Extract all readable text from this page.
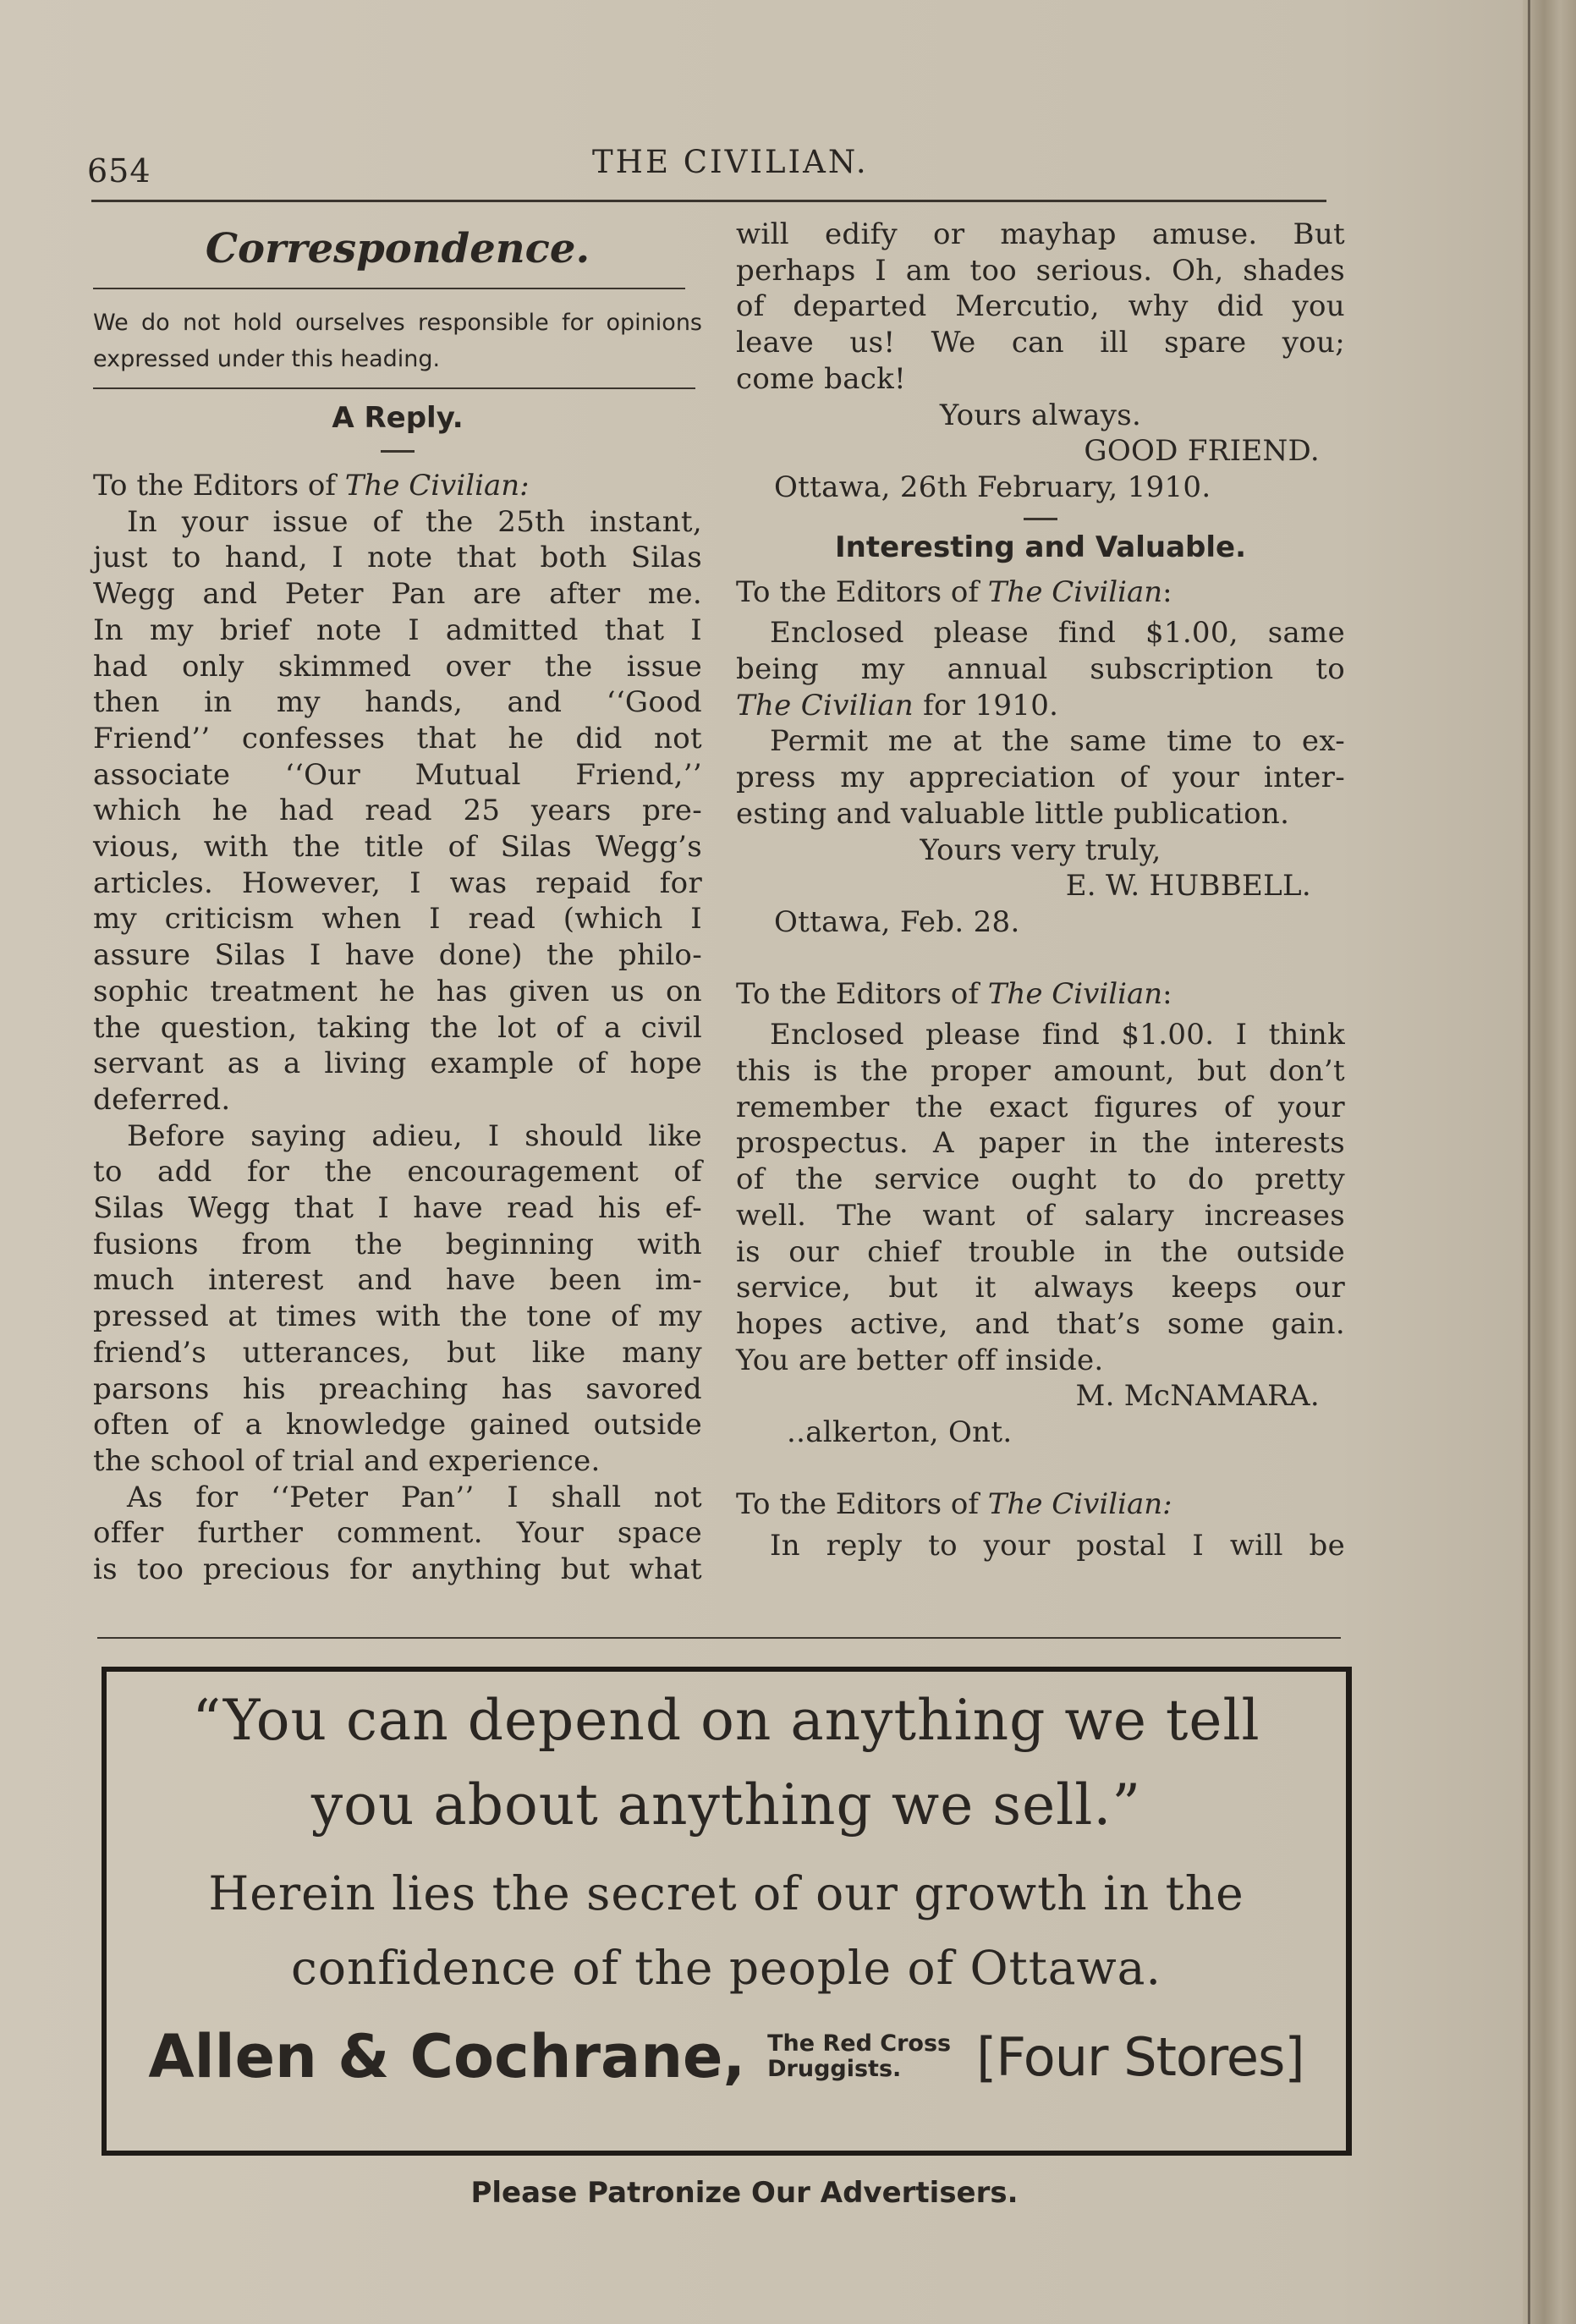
654	THE CIVILIAN.
Correspondence.
We do not hold ourselves responsible for opinions expressed under this heading.
A Reply.
To the Editors of The Civilian:
In your issue of the 25th instant,
just to hand, I note that both Silas
Wegg and Peter Pan are after me.
In my brief note I admitted that I
had only skimmed over the issue
then in my hands, and ‘‘Good
Friend’’ confesses that he did not
associate ‘‘Our Mutual Friend,’’
which he had read 25 years pre-
vious, with the title of Silas Wegg’s
articles. However, I was repaid for
my criticism when I read (which I
assure Silas I have done) the philo-
sophic treatment he has given us on
the question, taking the lot of a civil
servant as a living example of hope
deferred.
Before saying adieu, I should like
to add for the encouragement of
Silas Wegg that I have read his ef-
fusions from the beginning with
much interest and have been im-
pressed at times with the tone of my
friend’s utterances, but like many
parsons his preaching has savored
often of a knowledge gained outside
the school of trial and experience.
As for ‘‘Peter Pan’’ I shall not
offer further comment. Your space
is too precious for anything but what
will edify or mayhap amuse. But
perhaps I am too serious. Oh, shades
of departed Mercutio, why did you
leave us! We can ill spare you;
come back!
Yours always.
GOOD FRIEND.
Ottawa, 26th February, 1910.
Interesting and Valuable.
To the Editors of The Civilian:
Enclosed please find $1.00, same
being my annual subscription to
The Civilian for 1910.
Permit me at the same time to ex-
press my appreciation of your inter-
esting and valuable little publication.
Yours very truly,
E. W. HUBBELL.
Ottawa, Feb. 28.
To the Editors of The Civilian:
Enclosed please find $1.00. I think
this is the proper amount, but don’t
remember the exact figures of your
prospectus. A paper in the interests
of the service ought to do pretty
well. The want of salary increases
is our chief trouble in the outside
service, but it always keeps our
hopes active, and that’s some gain.
You are better off inside.
M. McNAMARA.
..alkerton, Ont.
To the Editors of The Civilian:
In reply to your postal I will be
“You can depend on anything we tell
you about anything we sell.”
Herein lies the secret of our growth in the
confidence of the people of Ottawa.
Allen & Cochrane, The Red Cross
Druggists.	[Four Stores]
Please Patronize Our Advertisers.
